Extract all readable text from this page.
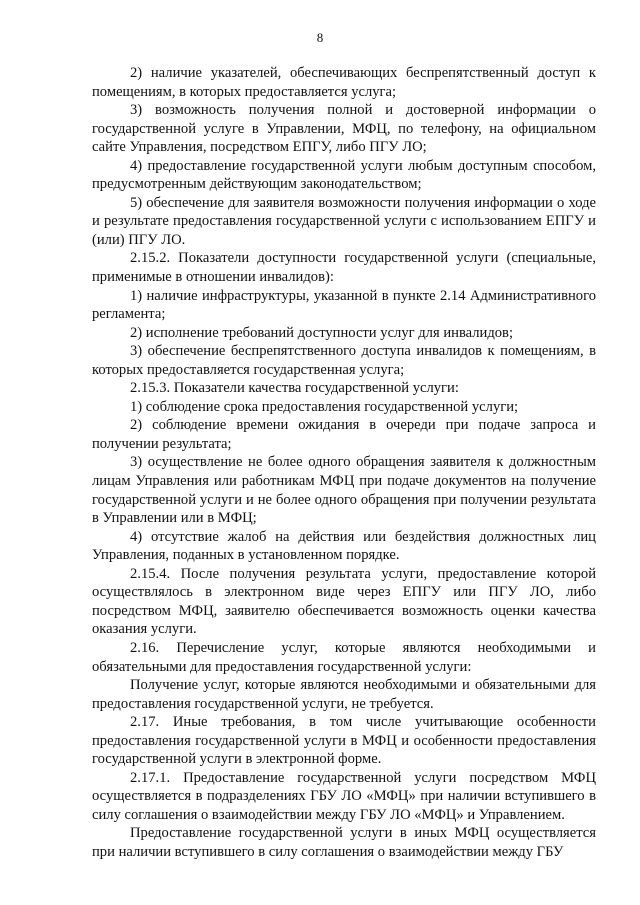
8

2) наличие указателей, обеспечивающих беспрепятственный доступ к помещениям, в которых предоставляется услуга;

3) возможность получения полной и достоверной информации о государственной услуге в Управлении, МФЦ, по телефону, на официальном сайте Управления, посредством ЕПГУ, либо ПГУ ЛО;

4) предоставление государственной услуги любым доступным способом, предусмотренным действующим законодательством;

5) обеспечение для заявителя возможности получения информации о ходе и результате предоставления государственной услуги с использованием ЕПГУ и (или) ПГУ ЛО.

2.15.2. Показатели доступности государственной услуги (специальные, применимые в отношении инвалидов):

1) наличие инфраструктуры, указанной в пункте 2.14 Административного регламента;

2) исполнение требований доступности услуг для инвалидов;

3) обеспечение беспрепятственного доступа инвалидов к помещениям, в которых предоставляется государственная услуга;

2.15.3. Показатели качества государственной услуги:

1) соблюдение срока предоставления государственной услуги;

2) соблюдение времени ожидания в очереди при подаче запроса и получении результата;

3) осуществление не более одного обращения заявителя к должностным лицам Управления или работникам МФЦ при подаче документов на получение государственной услуги и не более одного обращения при получении результата в Управлении или в МФЦ;

4) отсутствие жалоб на действия или бездействия должностных лиц Управления, поданных в установленном порядке.

2.15.4. После получения результата услуги, предоставление которой осуществлялось в электронном виде через ЕПГУ или ПГУ ЛО, либо посредством МФЦ, заявителю обеспечивается возможность оценки качества оказания услуги.

2.16. Перечисление услуг, которые являются необходимыми и обязательными для предоставления государственной услуги:

Получение услуг, которые являются необходимыми и обязательными для предоставления государственной услуги, не требуется.

2.17. Иные требования, в том числе учитывающие особенности предоставления государственной услуги в МФЦ и особенности предоставления государственной услуги в электронной форме.

2.17.1. Предоставление государственной услуги посредством МФЦ осуществляется в подразделениях ГБУ ЛО «МФЦ» при наличии вступившего в силу соглашения о взаимодействии между ГБУ ЛО «МФЦ» и Управлением.

Предоставление государственной услуги в иных МФЦ осуществляется при наличии вступившего в силу соглашения о взаимодействии между ГБУ
